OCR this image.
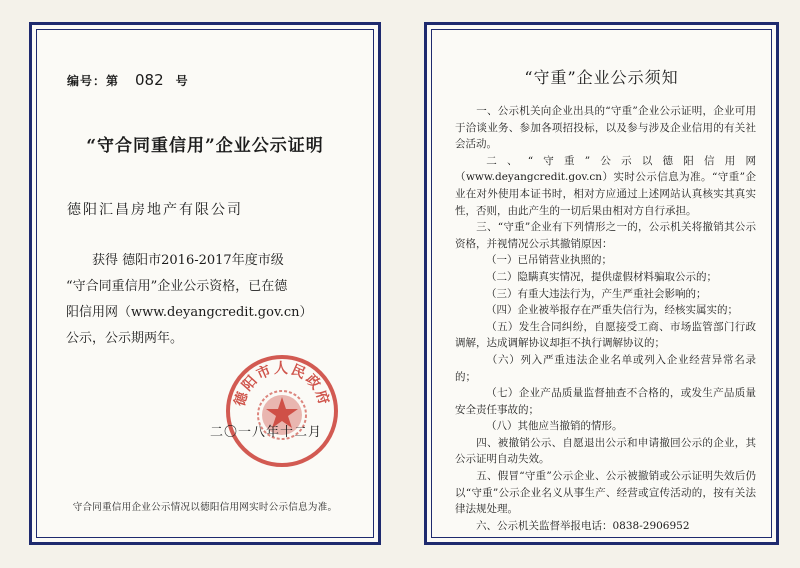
编号：第 082 号
“守合同重信用”企业公示证明
德阳汇昌房地产有限公司

获得 德阳市2016-2017年度市级

“守合同重信用”企业公示资格，已在德

阳信用网（www.deyangcredit.gov.cn）

公示，公示期两年。

德阳市人民政府
二〇一八年十二月
守合同重信用企业公示情况以德阳信用网实时公示信息为准。
“守重”企业公示须知

一、公示机关向企业出具的“守重”企业公示证明，企业可用于洽谈业务、参加各项招投标，以及参与涉及企业信用的有关社会活动。

二、“守重”公示以德阳信用网（www.deyangcredit.gov.cn）实时公示信息为准。“守重”企业在对外使用本证书时，相对方应通过上述网站认真核实其真实性，否则，由此产生的一切后果由相对方自行承担。

三、“守重”企业有下列情形之一的，公示机关将撤销其公示资格，并视情况公示其撤销原因：

（一）已吊销营业执照的；

（二）隐瞒真实情况，提供虚假材料骗取公示的；

（三）有重大违法行为，产生严重社会影响的；

（四）企业被举报存在严重失信行为，经核实属实的；

（五）发生合同纠纷，自愿接受工商、市场监管部门行政调解，达成调解协议却拒不执行调解协议的；

（六）列入严重违法企业名单或列入企业经营异常名录的；

（七）企业产品质量监督抽查不合格的，或发生产品质量安全责任事故的；

（八）其他应当撤销的情形。

四、被撤销公示、自愿退出公示和申请撤回公示的企业，其公示证明自动失效。

五、假冒“守重”公示企业、公示被撤销或公示证明失效后仍以“守重”公示企业名义从事生产、经营或宣传活动的，按有关法律法规处理。

六、公示机关监督举报电话：0838-2906952
